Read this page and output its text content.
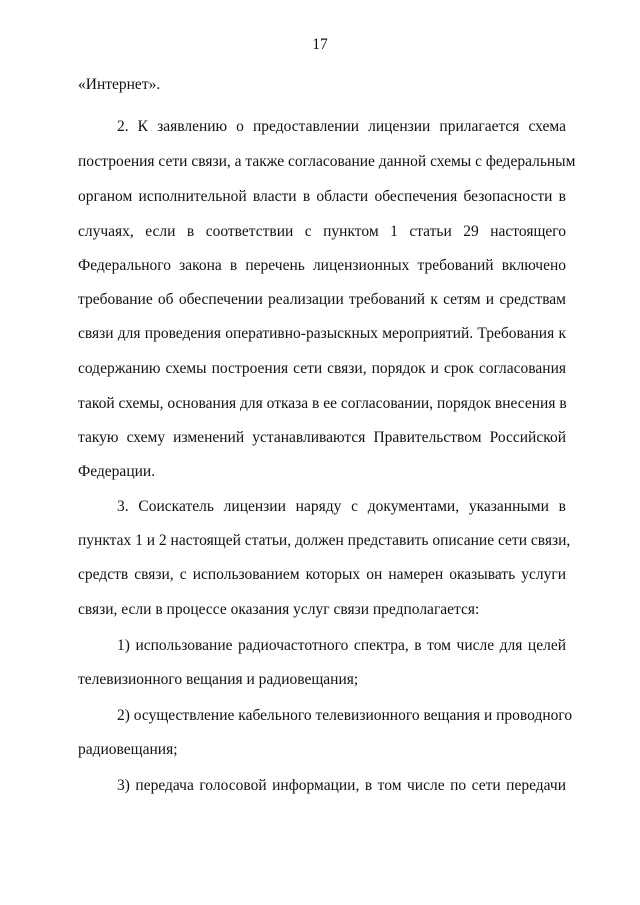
17
«Интернет».
2. К заявлению о предоставлении лицензии прилагается схема
построения сети связи, а также согласование данной схемы с федеральным
органом исполнительной власти в области обеспечения безопасности в
случаях, если в соответствии с пунктом 1 статьи 29 настоящего
Федерального закона в перечень лицензионных требований включено
требование об обеспечении реализации требований к сетям и средствам
связи для проведения оперативно-разыскных мероприятий. Требования к
содержанию схемы построения сети связи, порядок и срок согласования
такой схемы, основания для отказа в ее согласовании, порядок внесения в
такую схему изменений устанавливаются Правительством Российской
Федерации.
3. Соискатель лицензии наряду с документами, указанными в
пунктах 1 и 2 настоящей статьи, должен представить описание сети связи,
средств связи, с использованием которых он намерен оказывать услуги
связи, если в процессе оказания услуг связи предполагается:
1) использование радиочастотного спектра, в том числе для целей
телевизионного вещания и радиовещания;
2) осуществление кабельного телевизионного вещания и проводного
радиовещания;
3) передача голосовой информации, в том числе по сети передачи
